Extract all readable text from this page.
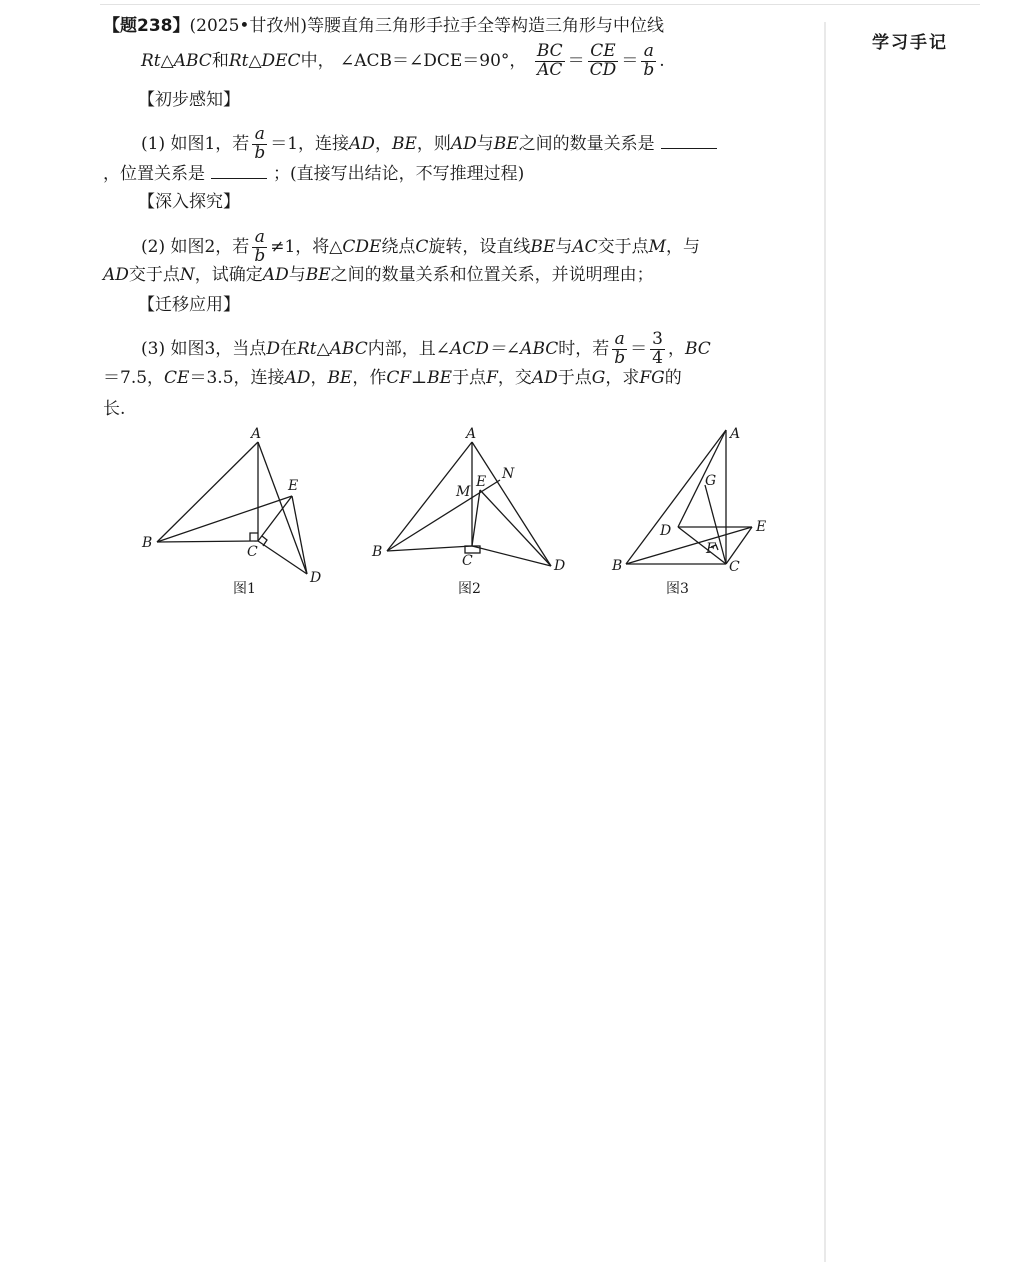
学习手记
【题238】(2025•甘孜州)等腰直角三角形手拉手全等构造三角形与中位线
Rt△ABC和Rt△DEC中， ∠ACB＝∠DCE＝90°， $\frac{BC}{AC} = \frac{CE}{CD} = \frac{a}{b}$ .
【初步感知】
(1) 如图1，若 $\frac{a}{b} =1$，连接AD，BE，则AD与BE之间的数量关系是
，位置关系是	；(直接写出结论，不写推理过程)
【深入探究】
(2) 如图2，若 $\frac{a}{b} \ne 1$，将△CDE绕点C旋转，设直线BE与AC交于点M，与
AD交于点N，试确定AD与BE之间的数量关系和位置关系，并说明理由；
【迁移应用】
(3) 如图3，当点D在Rt△ABC内部，且∠ACD＝∠ABC时，若 $\frac{a}{b} = \frac{3}{4}$ ，BC
＝7.5，CE＝3.5，连接AD，BE，作CF⊥BE于点F，交AD于点G，求FG的
长.
A
B
C
D
E
图1
A
B
C	D
E
M
N
图2
A
B	C
D	E
F
G
图3
